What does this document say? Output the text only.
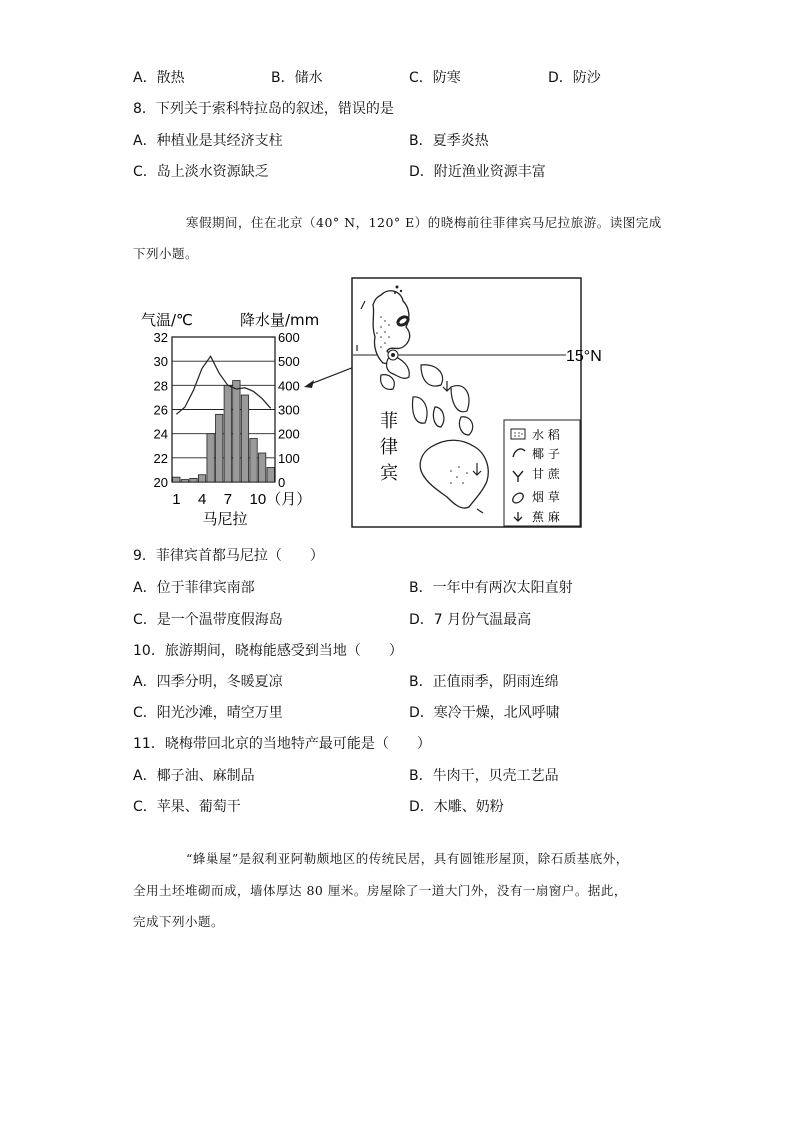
A．散热	B．储水	C．防寒	D．防沙
8．下列关于索科特拉岛的叙述，错误的是
A．种植业是其经济支柱	B．夏季炎热
C．岛上淡水资源缺乏	D．附近渔业资源丰富
寒假期间，住在北京（40° N，120° E）的晓梅前往菲律宾马尼拉旅游。读图完成
下列小题。
32
30
28
26
24
22
20
600
500
400
300
200
100
0
气温/℃	降水量/mm
1 4 7 10（月）
马尼拉
15°N
菲
律
宾
水 稻
椰 子
甘 蔗
烟 草
蕉 麻
9．菲律宾首都马尼拉（　　）
A．位于菲律宾南部	B．一年中有两次太阳直射
C．是一个温带度假海岛	D．7 月份气温最高
10．旅游期间，晓梅能感受到当地（　　）
A．四季分明，冬暖夏凉	B．正值雨季，阴雨连绵
C．阳光沙滩，晴空万里	D．寒冷干燥，北风呼啸
11．晓梅带回北京的当地特产最可能是（　　）
A．椰子油、麻制品	B．牛肉干，贝壳工艺品
C．苹果、葡萄干	D．木雕、奶粉
“蜂巢屋”是叙利亚阿勒颇地区的传统民居，具有圆锥形屋顶，除石质基底外，
全用土坯堆砌而成，墙体厚达 80 厘米。房屋除了一道大门外，没有一扇窗户。据此，
完成下列小题。
